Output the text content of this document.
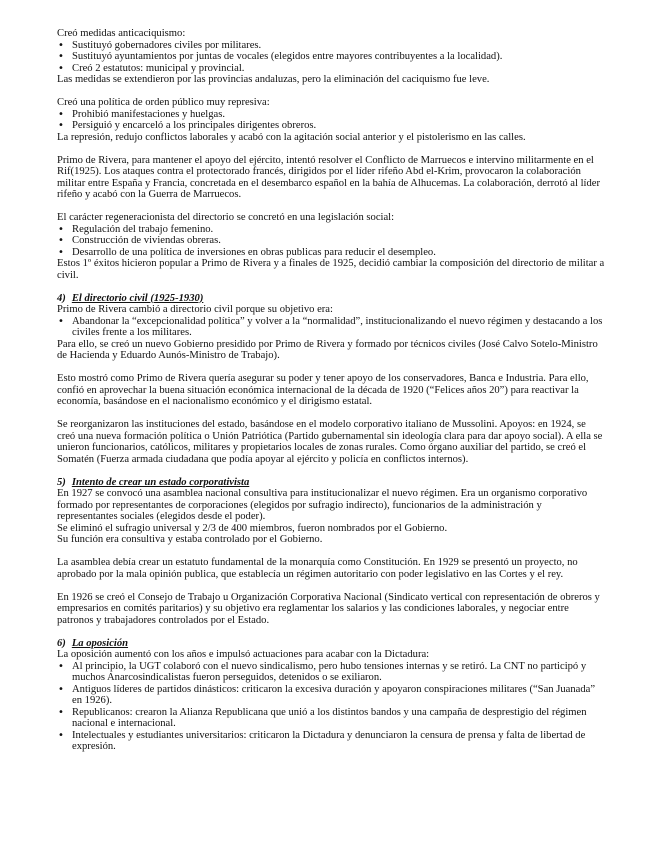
Creó medidas anticaciquismo:

• Sustituyó gobernadores civiles por militares.
• Sustituyó ayuntamientos por juntas de vocales (elegidos entre mayores contribuyentes a la localidad).
• Creó 2 estatutos: municipal y provincial.

Las medidas se extendieron por las provincias andaluzas, pero la eliminación del caciquismo fue leve.

Creó una política de orden público muy represiva:

• Prohibió manifestaciones y huelgas.
• Persiguió y encarceló a los principales dirigentes obreros.

La represión, redujo conflictos laborales y acabó con la agitación social anterior y el pistolerismo en las calles.

Primo de Rivera, para mantener el apoyo del ejército, intentó resolver el Conflicto de Marruecos e intervino militarmente en el Rif(1925). Los ataques contra el protectorado francés, dirigidos por el líder rifeño Abd el-Krim, provocaron la colaboración militar entre España y Francia, concretada en el desembarco español en la bahía de Alhucemas. La colaboración, derrotó al líder rifeño y acabó con la Guerra de Marruecos.

El carácter regeneracionista del directorio se concretó en una legislación social:

• Regulación del trabajo femenino.
• Construcción de viviendas obreras.
• Desarrollo de una política de inversiones en obras publicas para reducir el desempleo.

Estos 1º éxitos hicieron popular a Primo de Rivera y a finales de 1925, decidió cambiar la composición del directorio de militar a civil.

4) El directorio civil (1925-1930)

Primo de Rivera cambió a directorio civil porque su objetivo era:

• Abandonar la “excepcionalidad política” y volver a la “normalidad”, institucionalizando el nuevo régimen y destacando a los civiles frente a los militares.

Para ello, se creó un nuevo Gobierno presidido por Primo de Rivera y formado por técnicos civiles (José Calvo Sotelo-Ministro de Hacienda y Eduardo Aunós-Ministro de Trabajo).

Esto mostró como Primo de Rivera quería asegurar su poder y tener apoyo de los conservadores, Banca e Industria. Para ello, confió en aprovechar la buena situación económica internacional de la década de 1920 (“Felices años 20”) para reactivar la economía, basándose en el nacionalismo económico y el dirigismo estatal.

Se reorganizaron las instituciones del estado, basándose en el modelo corporativo italiano de Mussolini. Apoyos: en 1924, se creó una nueva formación política o Unión Patriótica (Partido gubernamental sin ideología clara para dar apoyo social). A ella se unieron funcionarios, católicos, militares y propietarios locales de zonas rurales. Como órgano auxiliar del partido, se creó el Somatén (Fuerza armada ciudadana que podía apoyar al ejército y policía en conflictos internos).

5) Intento de crear un estado corporativista

En 1927 se convocó una asamblea nacional consultiva para institucionalizar el nuevo régimen. Era un organismo corporativo formado por representantes de corporaciones (elegidos por sufragio indirecto), funcionarios de la administración y representantes sociales (elegidos desde el poder).

Se eliminó el sufragio universal y 2/3 de 400 miembros, fueron nombrados por el Gobierno.

Su función era consultiva y estaba controlado por el Gobierno.

La asamblea debía crear un estatuto fundamental de la monarquía como Constitución. En 1929 se presentó un proyecto, no aprobado por la mala opinión publica, que establecía un régimen autoritario con poder legislativo en las Cortes y el rey.

En 1926 se creó el Consejo de Trabajo u Organización Corporativa Nacional (Sindicato vertical con representación de obreros y empresarios en comités paritarios) y su objetivo era reglamentar los salarios y las condiciones laborales, y negociar entre patronos y trabajadores controlados por el Estado.

6) La oposición

La oposición aumentó con los años e impulsó actuaciones para acabar con la Dictadura:

• Al principio, la UGT colaboró con el nuevo sindicalismo, pero hubo tensiones internas y se retiró. La CNT no participó y muchos Anarcosindicalistas fueron perseguidos, detenidos o se exiliaron.
• Antiguos líderes de partidos dinásticos: criticaron la excesiva duración y apoyaron conspiraciones militares (“San Juanada” en 1926).
• Republicanos: crearon la Alianza Republicana que unió a los distintos bandos y una campaña de desprestigio del régimen nacional e internacional.
• Intelectuales y estudiantes universitarios: criticaron la Dictadura y denunciaron la censura de prensa y falta de libertad de expresión.
